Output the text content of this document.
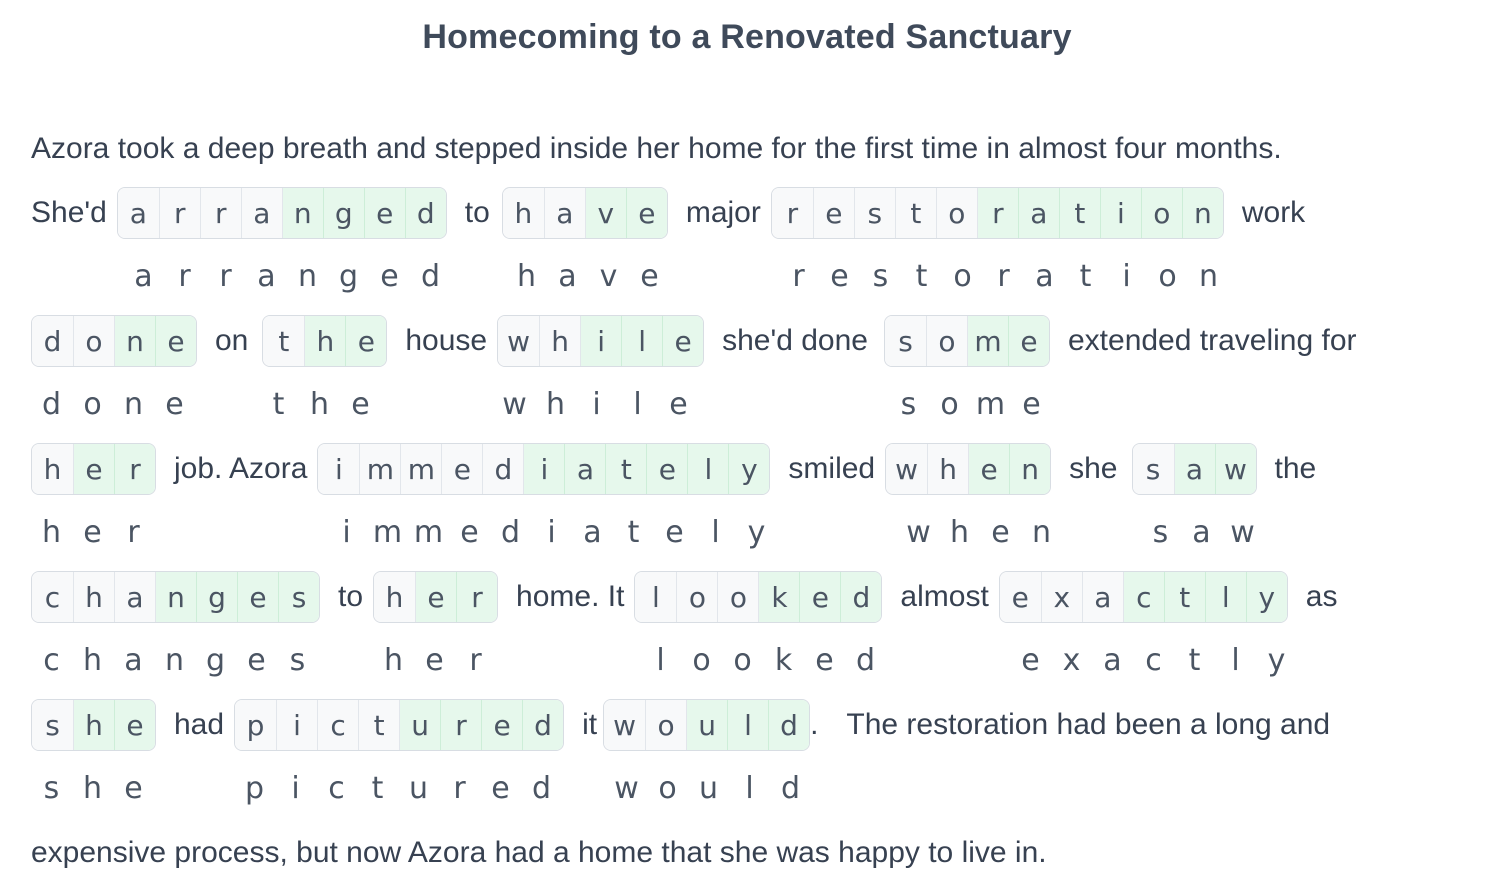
Homecoming to a Renovated Sanctuary
Azora took a deep breath and stepped inside her home for the first time in almost four months.
She'd a r	r a n g e d	to h a v e	major r e s	t o r a t	i	o n	work
a r r a n g e d	h a v e	r e s t o r a t	i o n
d o n e	on	t h e	house w h	i	l	e	she'd done	s o m e	extended traveling for
d o n e	t h e	w h i	l e	s o m e
h e r	job. Azora i m m e d	i	a t e	l	y	smiled w h e n	she	s a w the
h e r	i m m e d i a t e l y	w h e n	s a w
c h a n g e s	to h e r	home. It l	o o k e d	almost e x a c t	l	y	as
c h a n g e s	h e r	l o o k e d	e x a c t	l y
s h e	had p	i	c t u r e d	it w o u	l	d . The restoration had been a long and
s h e	p i c t u r e d	w o u l d
expensive process, but now Azora had a home that she was happy to live in.
